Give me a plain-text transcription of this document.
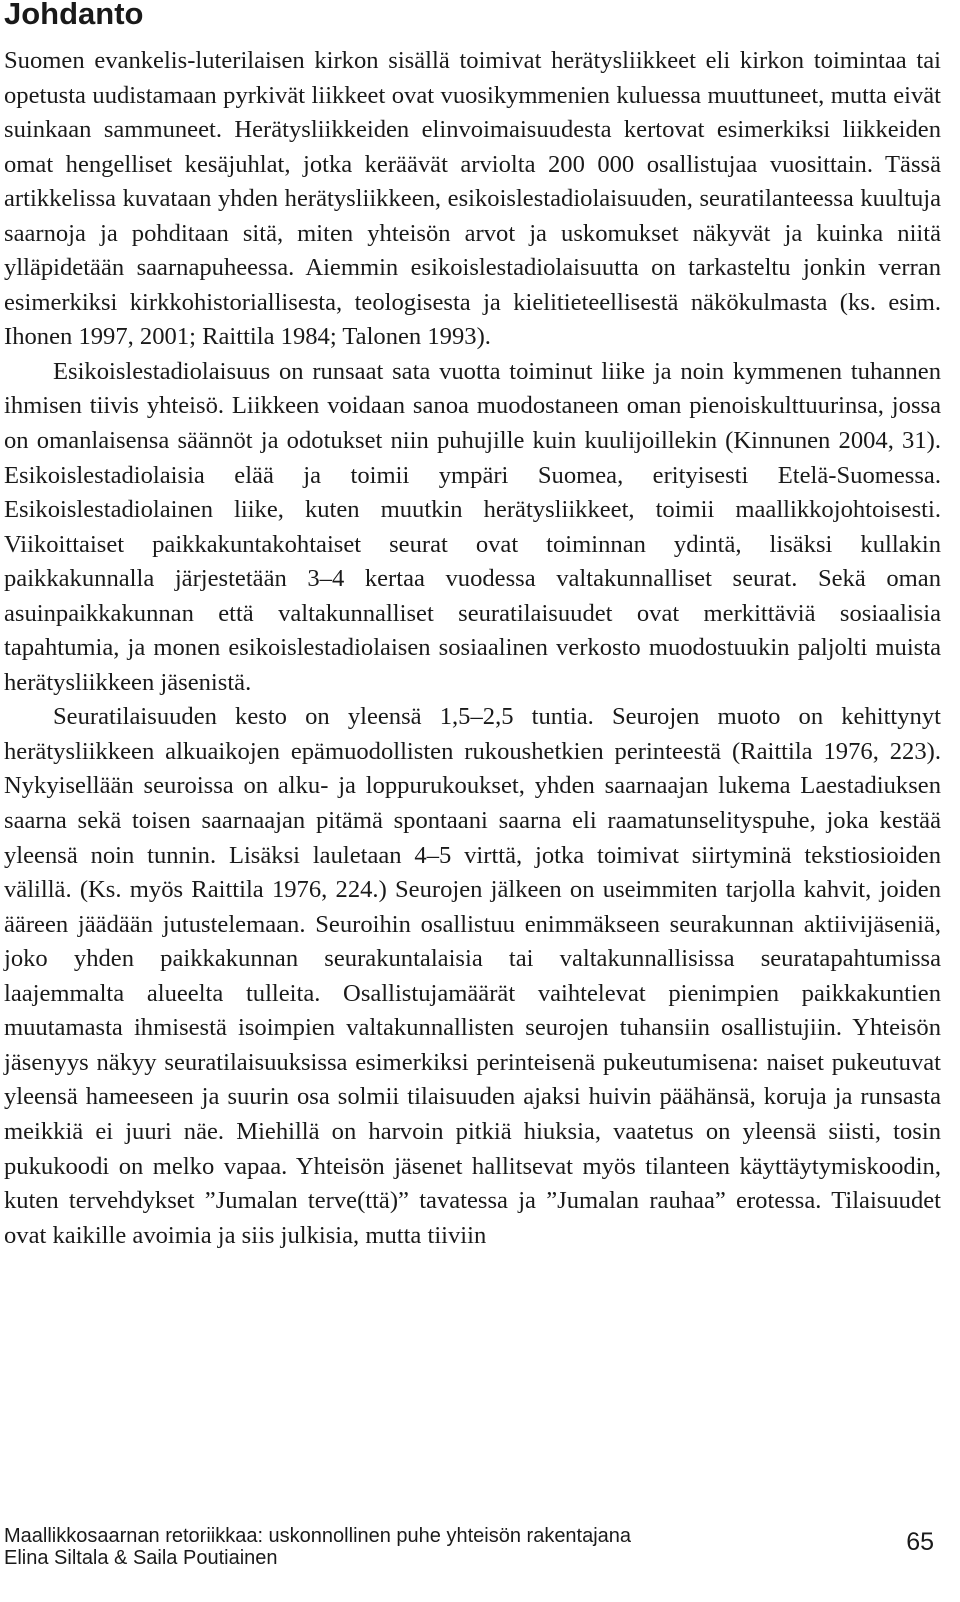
Johdanto

Suomen evankelis-luterilaisen kirkon sisällä toimivat herätysliikkeet eli kirkon toimintaa tai opetusta uudistamaan pyrkivät liikkeet ovat vuosikymmenien kuluessa muuttuneet, mutta eivät suinkaan sammuneet. Herätysliikkeiden elinvoimaisuudesta kertovat esimerkiksi liikkeiden omat hengelliset kesäjuhlat, jotka keräävät arviolta 200 000 osallistujaa vuosittain. Tässä artikkelissa kuvataan yhden herätysliikkeen, esikoislestadiolaisuuden, seuratilanteessa kuultuja saarnoja ja pohditaan sitä, miten yhteisön arvot ja uskomukset näkyvät ja kuinka niitä ylläpidetään saarnapuheessa. Aiemmin esikoislestadiolaisuutta on tarkasteltu jonkin verran esimerkiksi kirkkohistoriallisesta, teologisesta ja kielitieteellisestä näkökulmasta (ks. esim. Ihonen 1997, 2001; Raittila 1984; Talonen 1993).

Esikoislestadiolaisuus on runsaat sata vuotta toiminut liike ja noin kymmenen tuhannen ihmisen tiivis yhteisö. Liikkeen voidaan sanoa muodostaneen oman pienoiskulttuurinsa, jossa on omanlaisensa säännöt ja odotukset niin puhujille kuin kuulijoillekin (Kinnunen 2004, 31). Esikoislestadiolaisia elää ja toimii ympäri Suomea, erityisesti Etelä-Suomessa. Esikoislestadiolainen liike, kuten muutkin herätysliikkeet, toimii maallikkojohtoisesti. Viikoittaiset paikkakuntakohtaiset seurat ovat toiminnan ydintä, lisäksi kullakin paikkakunnalla järjestetään 3–4 kertaa vuodessa valtakunnalliset seurat. Sekä oman asuinpaikkakunnan että valtakunnalliset seuratilaisuudet ovat merkittäviä sosiaalisia tapahtumia, ja monen esikoislestadiolaisen sosiaalinen verkosto muodostuukin paljolti muista herätysliikkeen jäsenistä.

Seuratilaisuuden kesto on yleensä 1,5–2,5 tuntia. Seurojen muoto on kehittynyt herätysliikkeen alkuaikojen epämuodollisten rukoushetkien perinteestä (Raittila 1976, 223). Nykyisellään seuroissa on alku- ja loppurukoukset, yhden saarnaajan lukema Laestadiuksen saarna sekä toisen saarnaajan pitämä spontaani saarna eli raamatunselityspuhe, joka kestää yleensä noin tunnin. Lisäksi lauletaan 4–5 virttä, jotka toimivat siirtyminä tekstiosioiden välillä. (Ks. myös Raittila 1976, 224.) Seurojen jälkeen on useimmiten tarjolla kahvit, joiden ääreen jäädään jutustelemaan. Seuroihin osallistuu enimmäkseen seurakunnan aktiivijäseniä, joko yhden paikkakunnan seurakuntalaisia tai valtakunnallisissa seuratapahtumissa laajemmalta alueelta tulleita. Osallistujamäärät vaihtelevat pienimpien paikkakuntien muutamasta ihmisestä isoimpien valtakunnallisten seurojen tuhansiin osallistujiin. Yhteisön jäsenyys näkyy seuratilaisuuksissa esimerkiksi perinteisenä pukeutumisena: naiset pukeutuvat yleensä hameeseen ja suurin osa solmii tilaisuuden ajaksi huivin päähänsä, koruja ja runsasta meikkiä ei juuri näe. Miehillä on harvoin pitkiä hiuksia, vaatetus on yleensä siisti, tosin pukukoodi on melko vapaa. Yhteisön jäsenet hallitsevat myös tilanteen käyttäytymiskoodin, kuten tervehdykset ”Jumalan terve(ttä)” tavatessa ja ”Jumalan rauhaa” erotessa. Tilaisuudet ovat kaikille avoimia ja siis julkisia, mutta tiiviin

Maallikkosaarnan retoriikkaa: uskonnollinen puhe yhteisön rakentajana
Elina Siltala & Saila Poutiainen
65
